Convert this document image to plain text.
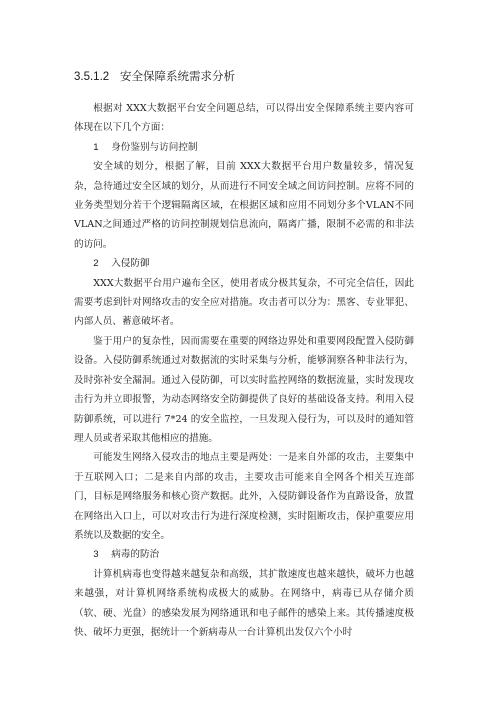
3.5.1.2 安全保障系统需求分析

根据对 XXX大数据平台安全问题总结，可以得出安全保障系统主要内容可体现在以下几个方面：

1 身份鉴别与访问控制

安全域的划分，根据了解，目前 XXX大数据平台用户数量较多，情况复杂，急待通过安全区域的划分，从而进行不同安全域之间访问控制。应将不同的业务类型划分若干个逻辑隔离区域，在根据区域和应用不同划分多个VLAN不同 VLAN之间通过严格的访问控制规划信息流向，隔离广播，限制不必需的和非法的访问。

2 入侵防御

XXX大数据平台用户遍布全区，使用者成分极其复杂，不可完全信任，因此需要考虑到针对网络攻击的安全应对措施。攻击者可以分为：黑客、专业罪犯、内部人员、蓄意破坏者。

鉴于用户的复杂性，因而需要在重要的网络边界处和重要网段配置入侵防御设备。入侵防御系统通过对数据流的实时采集与分析，能够洞察各种非法行为，及时弥补安全漏洞。通过入侵防御，可以实时监控网络的数据流量，实时发现攻击行为并立即报警，为动态网络安全防御提供了良好的基础设备支持。利用入侵防御系统，可以进行 7*24 的安全监控，一旦发现入侵行为，可以及时的通知管理人员或者采取其他相应的措施。

可能发生网络入侵攻击的地点主要是两处：一是来自外部的攻击，主要集中于互联网入口；二是来自内部的攻击，主要攻击可能来自全网各个相关互连部门，目标是网络服务和核心资产数据。此外，入侵防御设备作为直路设备，放置在网络出入口上，可以对攻击行为进行深度检测，实时阻断攻击，保护重要应用系统以及数据的安全。

3 病毒的防治

计算机病毒也变得越来越复杂和高级，其扩散速度也越来越快，破坏力也越来越强，对计算机网络系统构成极大的威胁。在网络中，病毒已从存储介质（软、硬、光盘）的感染发展为网络通讯和电子邮件的感染上来。其传播速度极快、破坏力更强，据统计一个新病毒从一台计算机出发仅六个小时
